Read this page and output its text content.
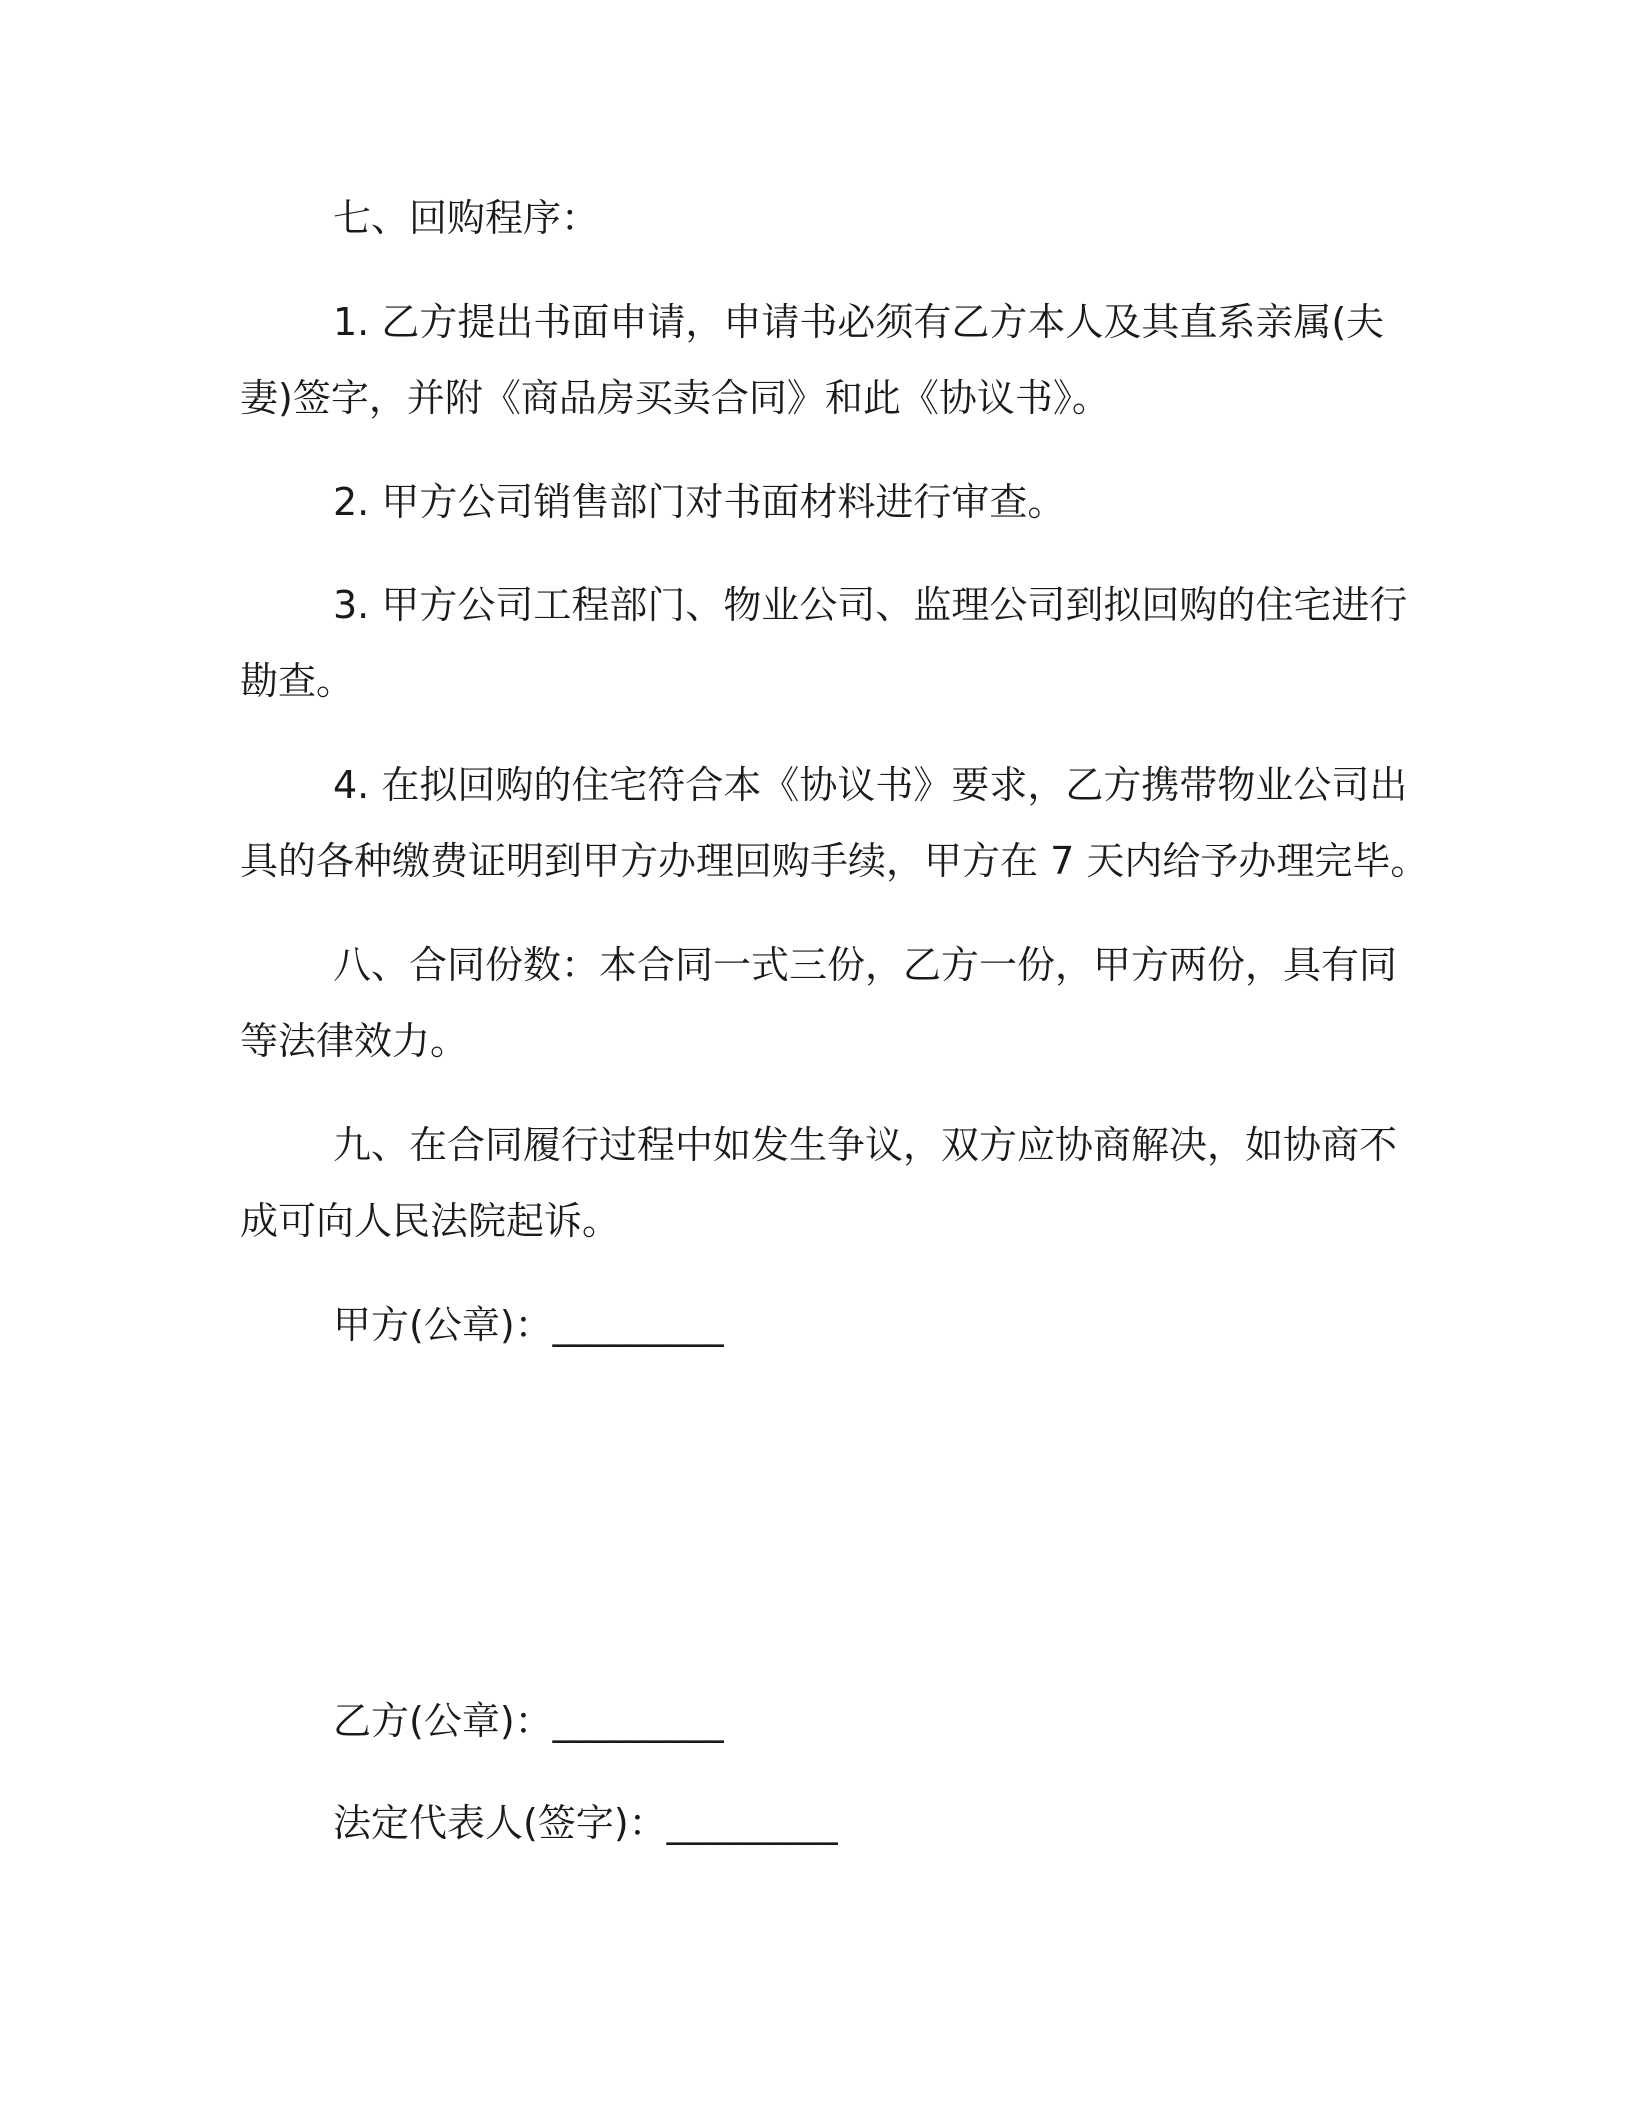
七、回购程序：

1. 乙方提出书面申请，申请书必须有乙方本人及其直系亲属(夫

妻)签字，并附《商品房买卖合同》和此《协议书》。

2. 甲方公司销售部门对书面材料进行审查。

3. 甲方公司工程部门、物业公司、监理公司到拟回购的住宅进行

勘查。

4. 在拟回购的住宅符合本《协议书》要求，乙方携带物业公司出

具的各种缴费证明到甲方办理回购手续，甲方在 7 天内给予办理完毕。

八、合同份数：本合同一式三份，乙方一份，甲方两份，具有同

等法律效力。

九、在合同履行过程中如发生争议，双方应协商解决，如协商不

成可向人民法院起诉。

甲方(公章)：_________

乙方(公章)：_________

法定代表人(签字)：_________
